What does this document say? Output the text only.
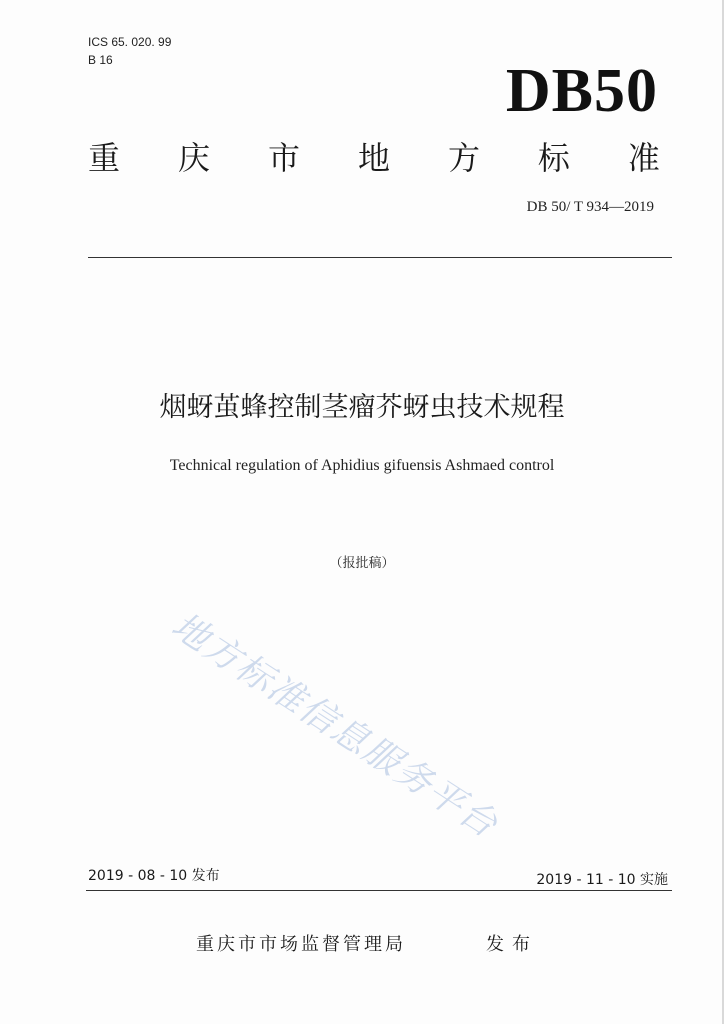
ICS 65. 020. 99
B 16	DB50
重 庆 市 地 方 标 准
DB 50/ T 934—2019
烟蚜茧蜂控制茎瘤芥蚜虫技术规程
Technical regulation of Aphidius gifuensis Ashmaed control
（报批稿）
地方标准信息服务平台
2019 - 08 - 10 发布	2019 - 11 - 10 实施
重庆市市场监督管理局	发布
